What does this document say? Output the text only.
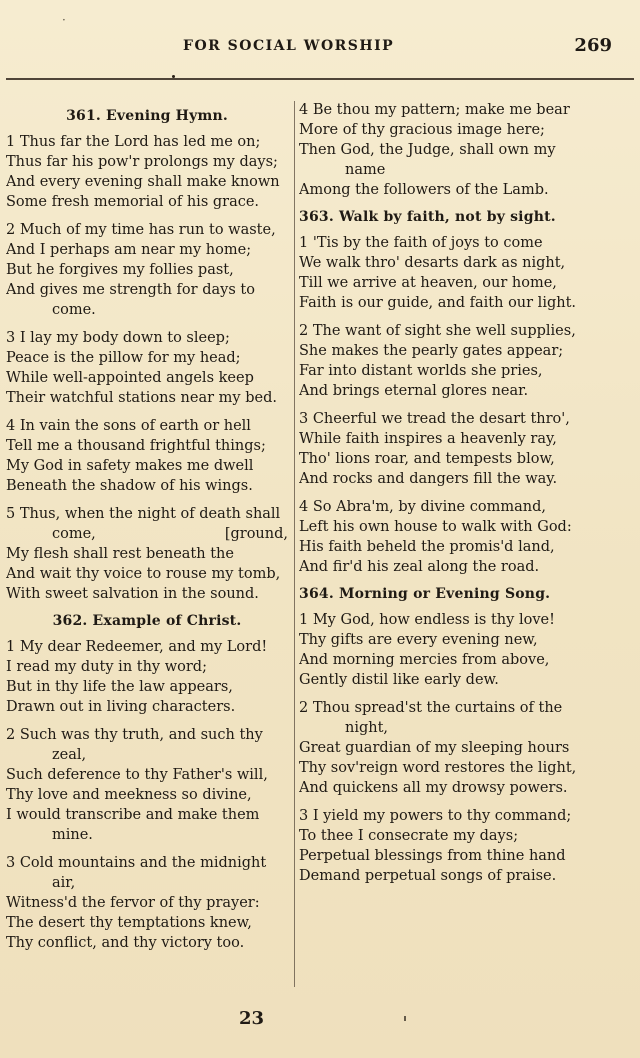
·
FOR SOCIAL WORSHIP	269
361. Evening Hymn.
1 Thus far the Lord has led me on;
Thus far his pow'r prolongs my days;
And every evening shall make known
Some fresh memorial of his grace.
2 Much of my time has run to waste,
And I perhaps am near my home;
But he forgives my follies past,
And gives me strength for days to
come.
3 I lay my body down to sleep;
Peace is the pillow for my head;
While well-appointed angels keep
Their watchful stations near my bed.
4 In vain the sons of earth or hell
Tell me a thousand frightful things;
My God in safety makes me dwell
Beneath the shadow of his wings.
5 Thus, when the night of death shall
come,	[ground,
My flesh shall rest beneath the
And wait thy voice to rouse my tomb,
With sweet salvation in the sound.
362. Example of Christ.
1 My dear Redeemer, and my Lord!
I read my duty in thy word;
But in thy life the law appears,
Drawn out in living characters.
2 Such was thy truth, and such thy
zeal,
Such deference to thy Father's will,
Thy love and meekness so divine,
I would transcribe and make them
mine.
3 Cold mountains and the midnight
air,
Witness'd the fervor of thy prayer:
The desert thy temptations knew,
Thy conflict, and thy victory too.
4 Be thou my pattern; make me bear
More of thy gracious image here;
Then God, the Judge, shall own my
name
Among the followers of the Lamb.
363. Walk by faith, not by sight.
1 'Tis by the faith of joys to come
We walk thro' desarts dark as night,
Till we arrive at heaven, our home,
Faith is our guide, and faith our light.
2 The want of sight she well supplies,
She makes the pearly gates appear;
Far into distant worlds she pries,
And brings eternal glores near.
3 Cheerful we tread the desart thro',
While faith inspires a heavenly ray,
Tho' lions roar, and tempests blow,
And rocks and dangers fill the way.
4 So Abra'm, by divine command,
Left his own house to walk with God:
His faith beheld the promis'd land,
And fir'd his zeal along the road.
364. Morning or Evening Song.
1 My God, how endless is thy love!
Thy gifts are every evening new,
And morning mercies from above,
Gently distil like early dew.
2 Thou spread'st the curtains of the
night,
Great guardian of my sleeping hours
Thy sov'reign word restores the light,
And quickens all my drowsy powers.
3 I yield my powers to thy command;
To thee I consecrate my days;
Perpetual blessings from thine hand
Demand perpetual songs of praise.
23
